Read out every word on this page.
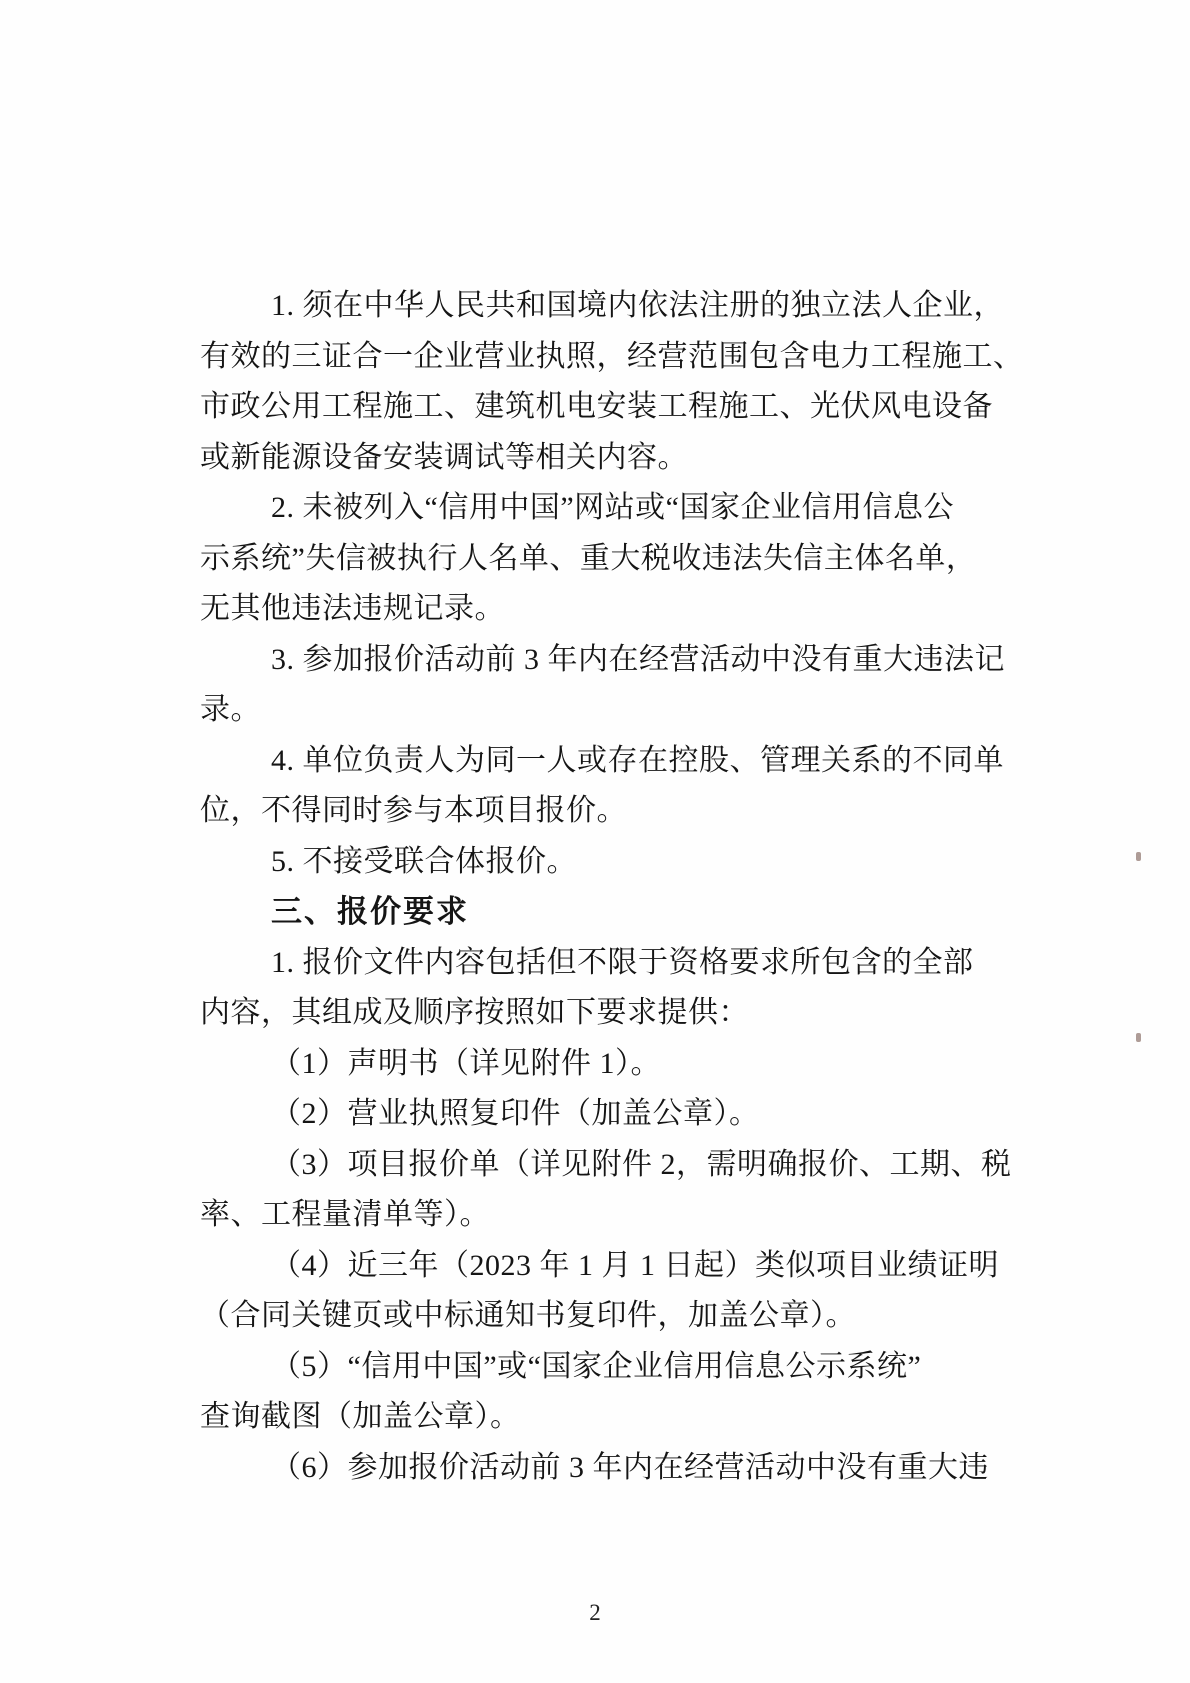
1. 须在中华人民共和国境内依法注册的独立法人企业，
有效的三证合一企业营业执照，经营范围包含电力工程施工、
市政公用工程施工、建筑机电安装工程施工、光伏风电设备
或新能源设备安装调试等相关内容。
2. 未被列入“信用中国”网站或“国家企业信用信息公
示系统”失信被执行人名单、重大税收违法失信主体名单，
无其他违法违规记录。
3. 参加报价活动前 3 年内在经营活动中没有重大违法记
录。
4. 单位负责人为同一人或存在控股、管理关系的不同单
位，不得同时参与本项目报价。
5. 不接受联合体报价。
三、报价要求
1. 报价文件内容包括但不限于资格要求所包含的全部
内容，其组成及顺序按照如下要求提供：
（1）声明书（详见附件 1）。
（2）营业执照复印件（加盖公章）。
（3）项目报价单（详见附件 2，需明确报价、工期、税
率、工程量清单等）。
（4）近三年（2023 年 1 月 1 日起）类似项目业绩证明
（合同关键页或中标通知书复印件，加盖公章）。
（5）“信用中国”或“国家企业信用信息公示系统”
查询截图（加盖公章）。
（6）参加报价活动前 3 年内在经营活动中没有重大违
2
